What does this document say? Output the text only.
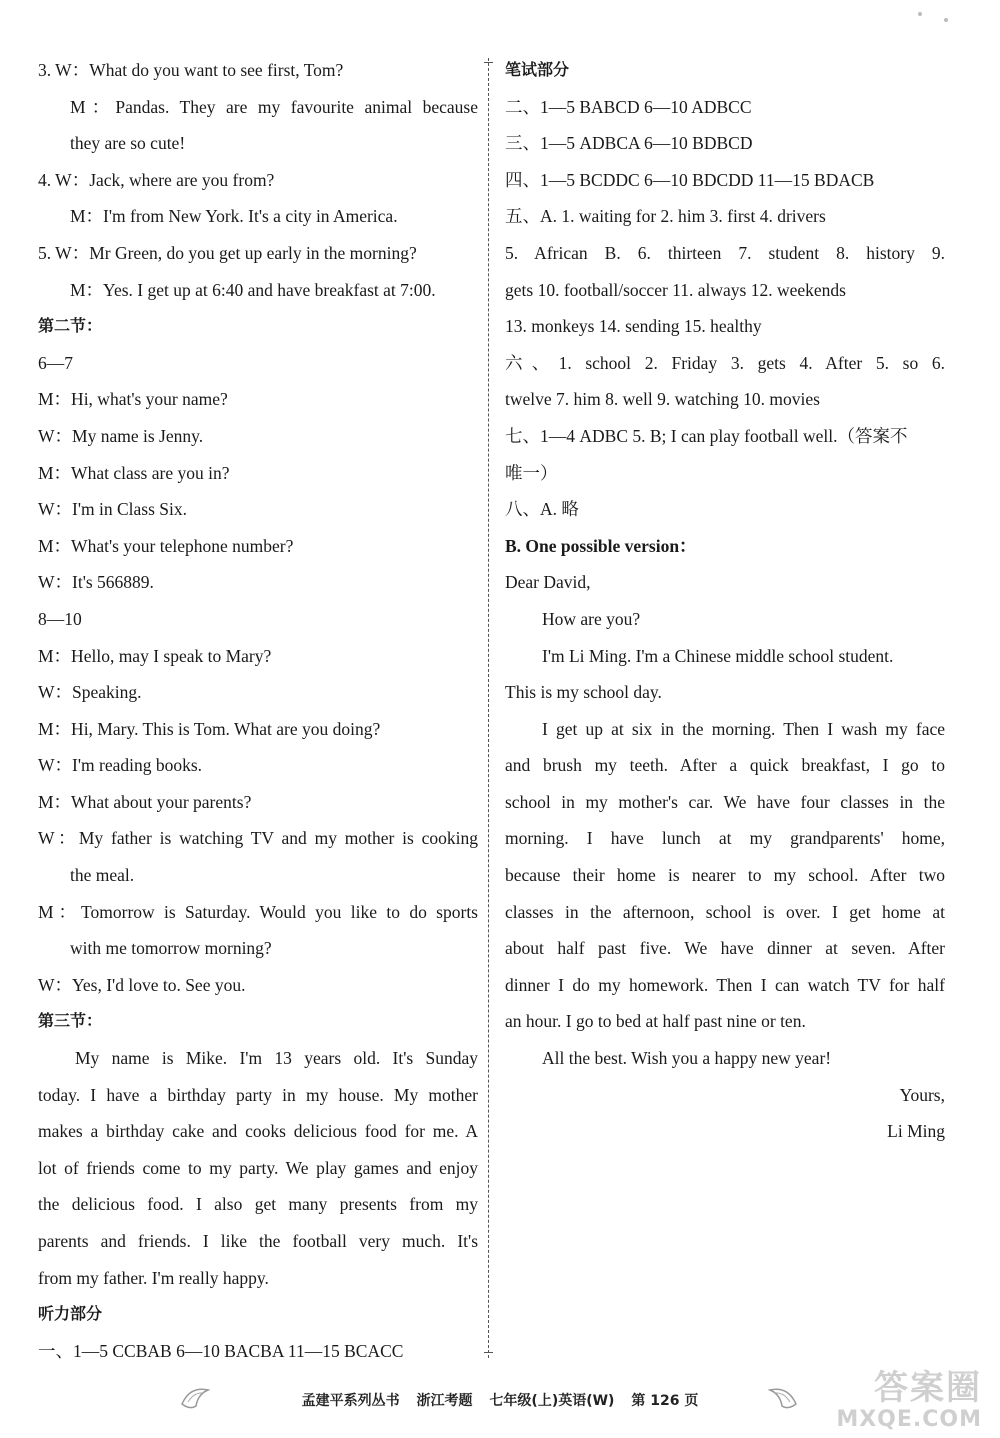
3. W：What do you want to see first, Tom?
M：Pandas. They are my favourite animal because
they are so cute!
4. W：Jack, where are you from?
M：I'm from New York. It's a city in America.
5. W：Mr Green, do you get up early in the morning?
M：Yes. I get up at 6:40 and have breakfast at 7:00.
第二节：
6—7
M：Hi, what's your name?
W：My name is Jenny.
M：What class are you in?
W：I'm in Class Six.
M：What's your telephone number?
W：It's 566889.
8—10
M：Hello, may I speak to Mary?
W：Speaking.
M：Hi, Mary. This is Tom. What are you doing?
W：I'm reading books.
M：What about your parents?
W：My father is watching TV and my mother is cooking
the meal.
M：Tomorrow is Saturday. Would you like to do sports
with me tomorrow morning?
W：Yes, I'd love to. See you.
第三节：
My name is Mike. I'm 13 years old. It's Sunday
today. I have a birthday party in my house. My mother
makes a birthday cake and cooks delicious food for me. A
lot of friends come to my party. We play games and enjoy
the delicious food. I also get many presents from my
parents and friends. I like the football very much. It's
from my father. I'm really happy.
听力部分
一、1—5 CCBAB 6—10 BACBA 11—15 BCACC
笔试部分
二、1—5 BABCD 6—10 ADBCC
三、1—5 ADBCA 6—10 BDBCD
四、1—5 BCDDC 6—10 BDCDD 11—15 BDACB
五、A. 1. waiting for 2. him 3. first 4. drivers
5. African B. 6. thirteen 7. student 8. history 9.
gets 10. football/soccer 11. always 12. weekends
13. monkeys 14. sending 15. healthy
六、1. school 2. Friday 3. gets 4. After 5. so 6.
twelve 7. him 8. well 9. watching 10. movies
七、1—4 ADBC 5. B; I can play football well.（答案不
唯一）
八、A. 略
B. One possible version：
Dear David,
How are you?
I'm Li Ming. I'm a Chinese middle school student.
This is my school day.
I get up at six in the morning. Then I wash my face
and brush my teeth. After a quick breakfast, I go to
school in my mother's car. We have four classes in the
morning. I have lunch at my grandparents' home,
because their home is nearer to my school. After two
classes in the afternoon, school is over. I get home at
about half past five. We have dinner at seven. After
dinner I do my homework. Then I can watch TV for half
an hour. I go to bed at half past nine or ten.
All the best. Wish you a happy new year!
Yours,
Li Ming
孟建平系列丛书 浙江考题 七年级(上)英语(W) 第 126 页	答案圈
MXQE.COM
